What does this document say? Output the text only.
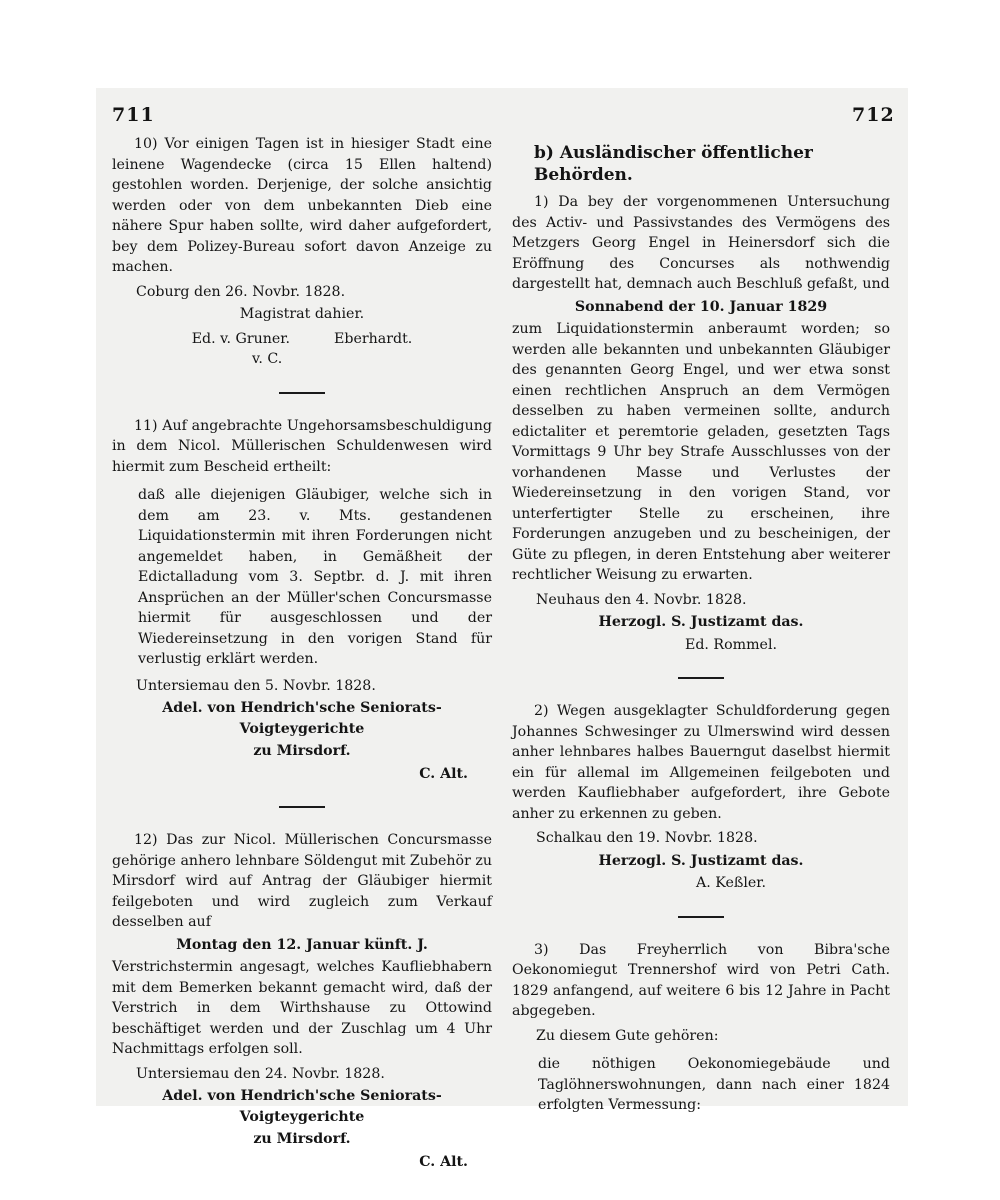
711	712

10) Vor einigen Tagen ist in hiesiger Stadt eine leinene Wagendecke (circa 15 Ellen haltend) gestohlen worden. Derjenige, der solche ansichtig werden oder von dem unbekannten Dieb eine nähere Spur haben sollte, wird daher aufgefordert, bey dem Polizey-Bureau sofort davon Anzeige zu machen.

Coburg den 26. Novbr. 1828.

Magistrat dahier.

Ed. v. Gruner.	Eberhardt.

v. C.

11) Auf angebrachte Ungehorsamsbeschuldigung in dem Nicol. Müllerischen Schuldenwesen wird hiermit zum Bescheid ertheilt:

daß alle diejenigen Gläubiger, welche sich in dem am 23. v. Mts. gestandenen Liquidationstermin mit ihren Forderungen nicht angemeldet haben, in Gemäßheit der Edictalladung vom 3. Septbr. d. J. mit ihren Ansprüchen an der Müller'schen Concursmasse hiermit für ausgeschlossen und der Wiedereinsetzung in den vorigen Stand für verlustig erklärt werden.

Untersiemau den 5. Novbr. 1828.

Adel. von Hendrich'sche Seniorats-Voigteygerichte

zu Mirsdorf.

C. Alt.

12) Das zur Nicol. Müllerischen Concursmasse gehörige anhero lehnbare Söldengut mit Zubehör zu Mirsdorf wird auf Antrag der Gläubiger hiermit feilgeboten und wird zugleich zum Verkauf desselben auf

Montag den 12. Januar künft. J.

Verstrichstermin angesagt, welches Kaufliebhabern mit dem Bemerken bekannt gemacht wird, daß der Verstrich in dem Wirthshause zu Ottowind beschäftiget werden und der Zuschlag um 4 Uhr Nachmittags erfolgen soll.

Untersiemau den 24. Novbr. 1828.

Adel. von Hendrich'sche Seniorats-Voigteygerichte

zu Mirsdorf.

C. Alt.

b) Ausländischer öffentlicher Behörden.

1) Da bey der vorgenommenen Untersuchung des Activ- und Passivstandes des Vermögens des Metzgers Georg Engel in Heinersdorf sich die Eröffnung des Concurses als nothwendig dargestellt hat, demnach auch Beschluß gefaßt, und

Sonnabend der 10. Januar 1829

zum Liquidationstermin anberaumt worden; so werden alle bekannten und unbekannten Gläubiger des genannten Georg Engel, und wer etwa sonst einen rechtlichen Anspruch an dem Vermögen desselben zu haben vermeinen sollte, andurch edictaliter et peremtorie geladen, gesetzten Tags Vormittags 9 Uhr bey Strafe Ausschlusses von der vorhandenen Masse und Verlustes der Wiedereinsetzung in den vorigen Stand, vor unterfertigter Stelle zu erscheinen, ihre Forderungen anzugeben und zu bescheinigen, der Güte zu pflegen, in deren Entstehung aber weiterer rechtlicher Weisung zu erwarten.

Neuhaus den 4. Novbr. 1828.

Herzogl. S. Justizamt das.

Ed. Rommel.

2) Wegen ausgeklagter Schuldforderung gegen Johannes Schwesinger zu Ulmerswind wird dessen anher lehnbares halbes Bauerngut daselbst hiermit ein für allemal im Allgemeinen feilgeboten und werden Kaufliebhaber aufgefordert, ihre Gebote anher zu erkennen zu geben.

Schalkau den 19. Novbr. 1828.

Herzogl. S. Justizamt das.

A. Keßler.

3) Das Freyherrlich von Bibra'sche Oekonomiegut Trennershof wird von Petri Cath. 1829 anfangend, auf weitere 6 bis 12 Jahre in Pacht abgegeben.

Zu diesem Gute gehören:

die nöthigen Oekonomiegebäude und Taglöhnerswohnungen, dann nach einer 1824 erfolgten Vermessung:
